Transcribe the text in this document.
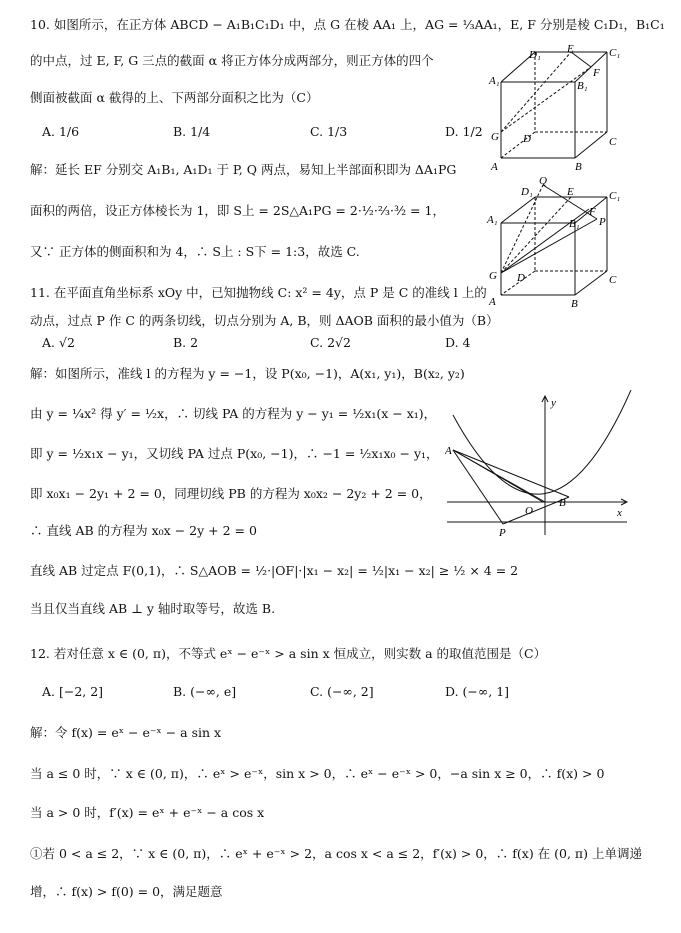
10. 如图所示，在正方体 ABCD − A₁B₁C₁D₁ 中，点 G 在棱 AA₁ 上，AG = ⅓AA₁，E, F 分别是棱 C₁D₁，B₁C₁
的中点，过 E, F, G 三点的截面 α 将正方体分成两部分，则正方体的四个
侧面被截面 α 截得的上、下两部分面积之比为（C）
A. 1/6	B. 1/4	C. 1/3	D. 1/2
解：延长 EF 分别交 A₁B₁, A₁D₁ 于 P, Q 两点，易知上半部面积即为 ΔA₁PG
面积的两倍，设正方体棱长为 1，即 S上 = 2S△A₁PG = 2·½·⅔·³⁄₂ = 1，
又∵ 正方体的侧面积和为 4，∴ S上 : S下 = 1:3，故选 C.
D₁ E	C₁
F
B₁
A₁
G D	C
A	B
Q
D₁	E	C₁
F
B₁ P
A₁
G D	C
A	B
11. 在平面直角坐标系 xOy 中，已知抛物线 C: x² = 4y，点 P 是 C 的准线 l 上的
动点，过点 P 作 C 的两条切线，切点分别为 A, B，则 ΔAOB 面积的最小值为（B）
A. √2	B. 2	C. 2√2	D. 4
解：如图所示，准线 l 的方程为 y = −1，设 P(x₀, −1)，A(x₁, y₁)，B(x₂, y₂)
由 y = ¼x² 得 y′ = ½x，∴ 切线 PA 的方程为 y − y₁ = ½x₁(x − x₁)，
即 y = ½x₁x − y₁，又切线 PA 过点 P(x₀, −1)，∴ −1 = ½x₁x₀ − y₁，
即 x₀x₁ − 2y₁ + 2 = 0，同理切线 PB 的方程为 x₀x₂ − 2y₂ + 2 = 0，
∴ 直线 AB 的方程为 x₀x − 2y + 2 = 0
直线 AB 过定点 F(0,1)，∴ S△AOB = ½·|OF|·|x₁ − x₂| = ½|x₁ − x₂| ≥ ½ × 4 = 2
当且仅当直线 AB ⊥ y 轴时取等号，故选 B.
y
x
A
B
O
P
12. 若对任意 x ∈ (0, π)，不等式 eˣ − e⁻ˣ > a sin x 恒成立，则实数 a 的取值范围是（C）
A. [−2, 2]	B. (−∞, e]	C. (−∞, 2]	D. (−∞, 1]
解：令 f(x) = eˣ − e⁻ˣ − a sin x
当 a ≤ 0 时，∵ x ∈ (0, π)，∴ eˣ > e⁻ˣ，sin x > 0，∴ eˣ − e⁻ˣ > 0，−a sin x ≥ 0，∴ f(x) > 0
当 a > 0 时，f′(x) = eˣ + e⁻ˣ − a cos x
①若 0 < a ≤ 2，∵ x ∈ (0, π)，∴ eˣ + e⁻ˣ > 2，a cos x < a ≤ 2，f′(x) > 0，∴ f(x) 在 (0, π) 上单调递
增，∴ f(x) > f(0) = 0，满足题意
